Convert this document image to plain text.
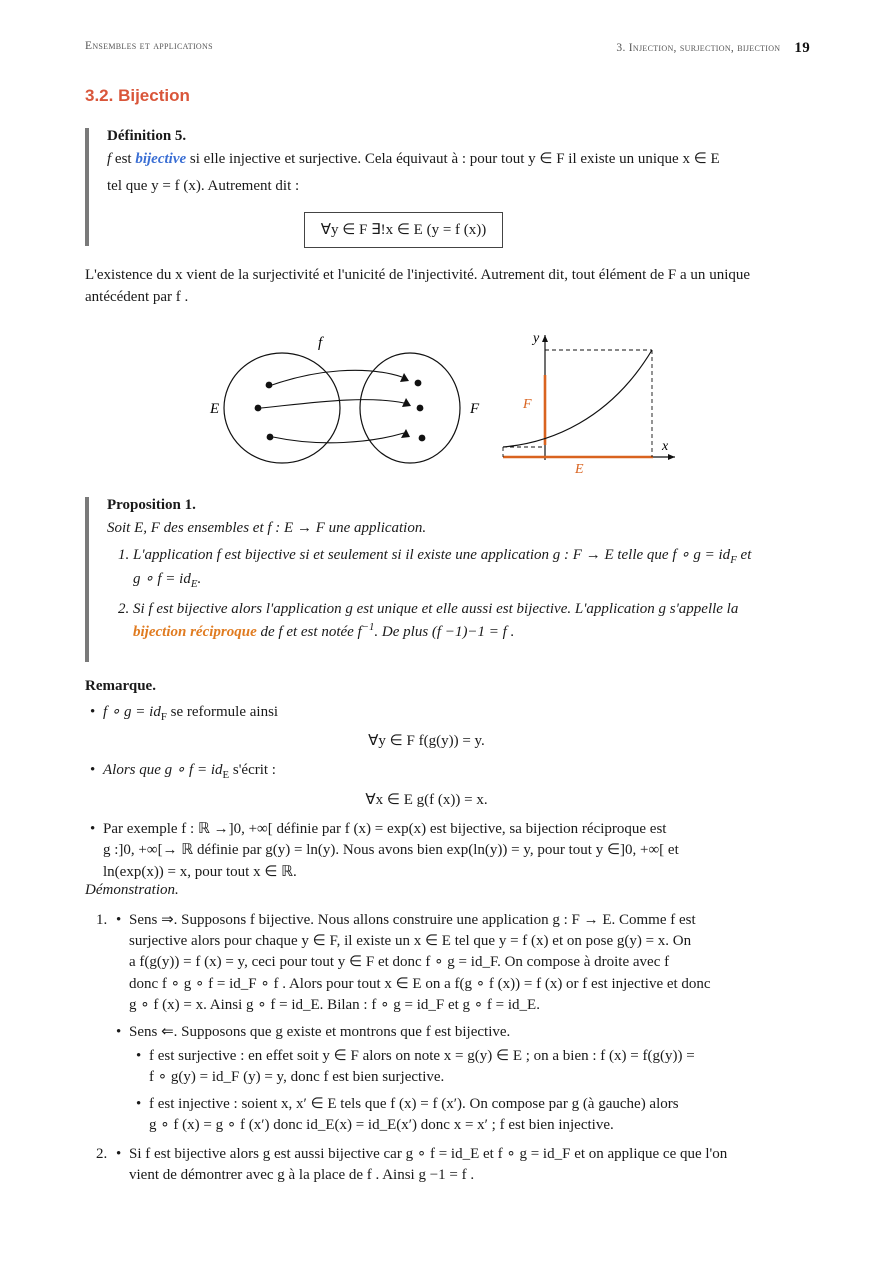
Ensembles et applications	3. Injection, surjection, bijection 19
3.2. Bijection
Définition 5.

f est bijective si elle injective et surjective. Cela équivaut à : pour tout y ∈ F il existe un unique x ∈ E

tel que y = f (x). Autrement dit :

∀y ∈ F ∃!x ∈ E (y = f (x))
L'existence du x vient de la surjectivité et l'unicité de l'injectivité. Autrement dit, tout élément de F a un unique antécédent par f .
f
E	F
y
x
F
E
Proposition 1.

Soit E, F des ensembles et f : E → F une application.

1. L'application f est bijective si et seulement si il existe une application g : F → E telle que f ∘ $g = id_F$ et
g ∘ $f = id_E$.
2. Si f est bijective alors l'application g est unique et elle aussi est bijective. L'application g s'appelle la
bijection réciproque de f et est notée $f^{-1}$. De plus (f −1)−1 = f .
Remarque.
• f ∘ $g = id_F$ se reformule ainsi
∀y ∈ F f(g(y)) = y.
• Alors que g ∘ $f = id_E$ s'écrit :
∀x ∈ E g(f (x)) = x.
• Par exemple f : ℝ →]0, +∞[ définie par f (x) = exp(x) est bijective, sa bijection réciproque est
g :]0, +∞[→ ℝ définie par g(y) = ln(y). Nous avons bien exp(ln(y)) = y, pour tout y ∈]0, +∞[ et
ln(exp(x)) = x, pour tout x ∈ ℝ.
Démonstration.
• 1. Sens ⇒. Supposons f bijective. Nous allons construire une application g : F → E. Comme f est
surjective alors pour chaque y ∈ F, il existe un x ∈ E tel que y = f (x) et on pose g(y) = x. On
a f(g(y)) = f (x) = y, ceci pour tout y ∈ F et donc f ∘ g = id_F. On compose à droite avec f
donc f ∘ g ∘ f = id_F ∘ f . Alors pour tout x ∈ E on a f(g ∘ f (x)) = f (x) or f est injective et donc
g ∘ f (x) = x. Ainsi g ∘ f = id_E. Bilan : f ∘ g = id_F et g ∘ f = id_E.
• Sens ⇐. Supposons que g existe et montrons que f est bijective.
• f est surjective : en effet soit y ∈ F alors on note x = g(y) ∈ E ; on a bien : f (x) = f(g(y)) =
f ∘ g(y) = id_F (y) = y, donc f est bien surjective.
• f est injective : soient x, x′ ∈ E tels que f (x) = f (x′). On compose par g (à gauche) alors
g ∘ f (x) = g ∘ f (x′) donc id_E(x) = id_E(x′) donc x = x′ ; f est bien injective.
• 2. Si f est bijective alors g est aussi bijective car g ∘ f = id_E et f ∘ g = id_F et on applique ce que l'on
vient de démontrer avec g à la place de f . Ainsi g −1 = f .
